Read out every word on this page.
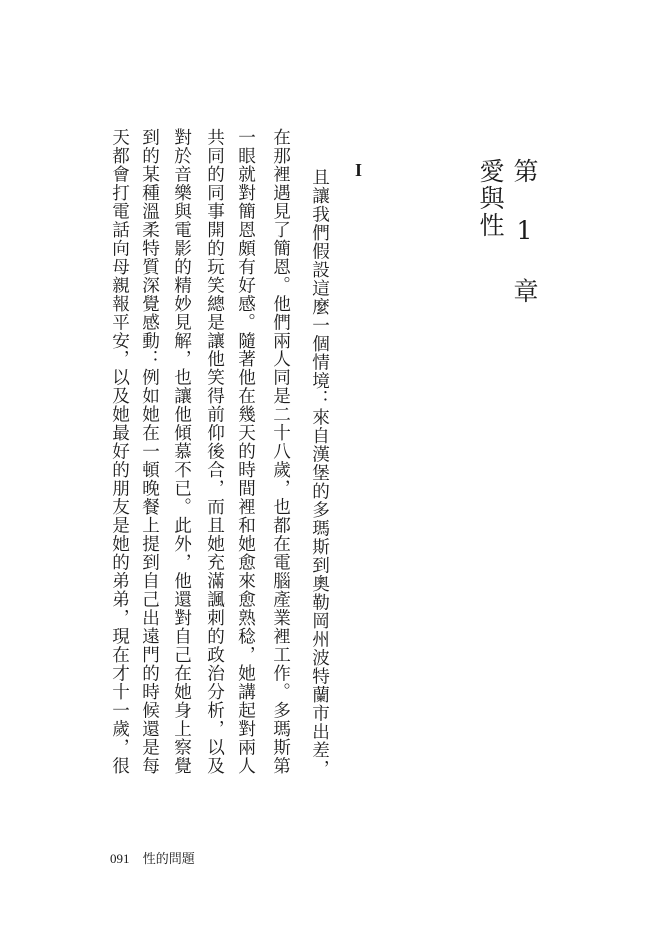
第 1 章
愛與性
I
且讓我們假設這麼一個情境：來自漢堡的多瑪斯到奧勒岡州波特蘭市出差，
在那裡遇見了簡恩。他們兩人同是二十八歲，也都在電腦產業裡工作。多瑪斯第
一眼就對簡恩頗有好感。隨著他在幾天的時間裡和她愈來愈熟稔，她講起對兩人
共同的同事開的玩笑總是讓他笑得前仰後合，而且她充滿諷刺的政治分析，以及
對於音樂與電影的精妙見解，也讓他傾慕不已。此外，他還對自己在她身上察覺
到的某種溫柔特質深覺感動：例如她在一頓晚餐上提到自己出遠門的時候還是每
天都會打電話向母親報平安，以及她最好的朋友是她的弟弟，現在才十一歲，很
091 性的問題
